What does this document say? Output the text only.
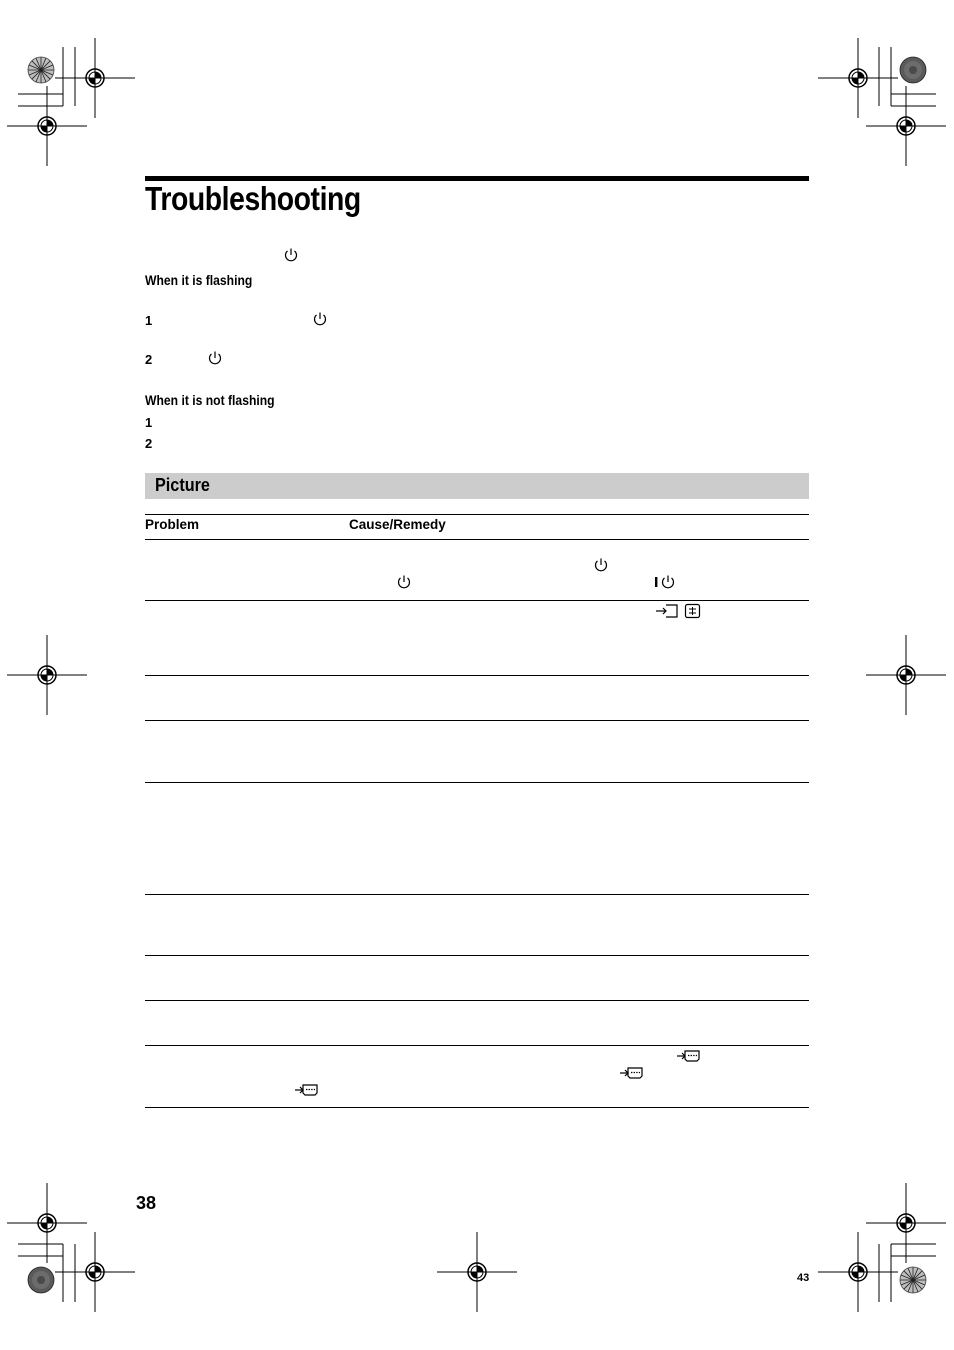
Troubleshooting
When it is flashing
1
2
When it is not flashing
1
2
Picture
Problem	Cause/Remedy
38
43
